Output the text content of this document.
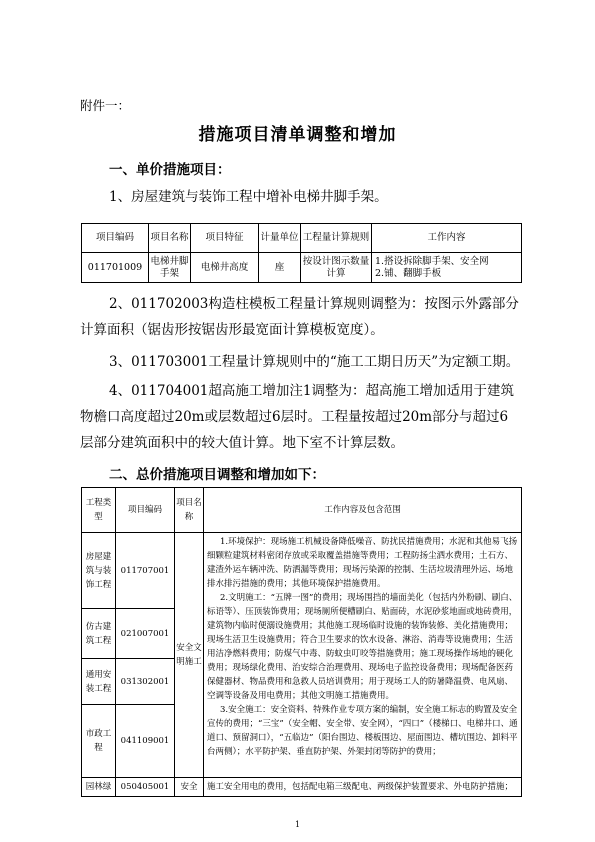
附件一：
措施项目清单调整和增加
一、单价措施项目：
1、房屋建筑与装饰工程中增补电梯井脚手架。
项目编码	项目名称	项目特征	计量单位	工程量计算规则	工作内容
011701009	电梯井脚手架	电梯井高度	座	按设计图示数量计算	1.搭设拆除脚手架、安全网
2.铺、翻脚手板
2、011702003构造柱模板工程量计算规则调整为：按图示外露部分计算面积（锯齿形按锯齿形最宽面计算模板宽度）。
3、011703001工程量计算规则中的“施工工期日历天”为定额工期。
4、011704001超高施工增加注1调整为：超高施工增加适用于建筑物檐口高度超过20m或层数超过6层时。工程量按超过20m部分与超过6层部分建筑面积中的较大值计算。地下室不计算层数。
二、总价措施项目调整和增加如下：
工程类型	项目编码	项目名称	工作内容及包含范围
房屋建筑与装饰工程	011707001	安全文明施工	1.环境保护：现场施工机械设备降低噪音、防扰民措施费用；水泥和其他易飞扬细颗粒建筑材料密闭存放或采取覆盖措施等费用；工程防扬尘洒水费用；土石方、建渣外运车辆冲洗、防洒漏等费用；现场污染源的控制、生活垃圾清理外运、场地排水排污措施的费用；其他环境保护措施费用。

2.文明施工：“五牌一图”的费用；现场围挡的墙面美化（包括内外粉刷、刷白、标语等）、压顶装饰费用；现场厕所便槽刷白、贴面砖，水泥砂浆地面或地砖费用，建筑物内临时便溺设施费用；其他施工现场临时设施的装饰装修、美化措施费用；现场生活卫生设施费用；符合卫生要求的饮水设备、淋浴、消毒等设施费用；生活用洁净燃料费用；防煤气中毒、防蚊虫叮咬等措施费用；施工现场操作场地的硬化费用；现场绿化费用、治安综合治理费用、现场电子监控设备费用；现场配备医药保健器材、物品费用和急救人员培训费用；用于现场工人的防暑降温费、电风扇、空调等设备及用电费用；其他文明施工措施费用。

3.安全施工：安全资料、特殊作业专项方案的编制，安全施工标志的购置及安全宣传的费用；“三宝”（安全帽、安全带、安全网），“四口”（楼梯口、电梯井口、通道口、预留洞口），“五临边”（阳台围边、楼板围边、屋面围边、槽坑围边、卸料平台两侧）；水平防护架、垂直防护架、外架封闭等防护的费用；

仿古建筑工程	021007001		
通用安装工程	031302001		
市政工程	041109001		
园林绿	050405001	安全	施工安全用电的费用，包括配电箱三级配电、两级保护装置要求、外电防护措施；
1
